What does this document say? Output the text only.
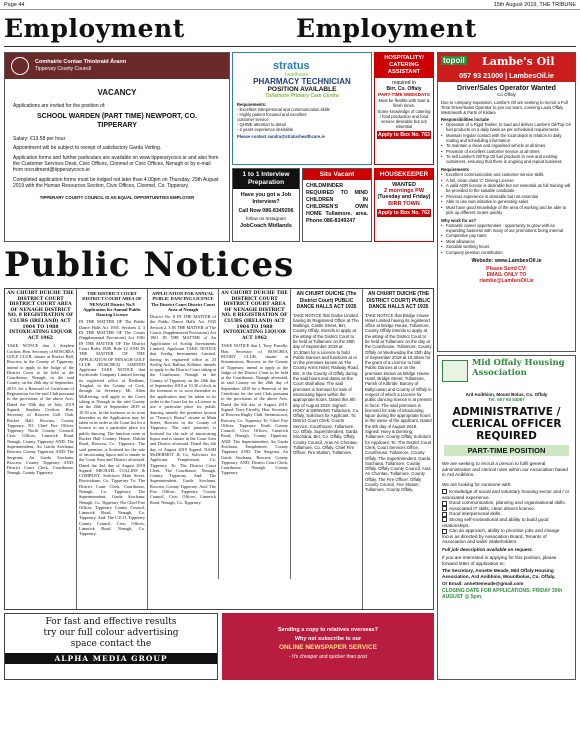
Page 44	15th August 2019, THE TRIBUNE
Employment	Employment
Comhairle Contae Thiobraid Árann
Tipperary County Council
VACANCY
Applications are invited for the position of:
SCHOOL WARDEN (PART TIME) NEWPORT, CO. TIPPERARY
Salary: €13.58 per hour
Appointment will be subject to receipt of satisfactory Garda Vetting.
Application forms and further particulars are available on www.tipperarycoco.ie and also from the Customer Services Desk, Civic Offices, Clonmel or Civic Offices, Nenagh or by e-mail from recruitment@tipperarycoco.ie
Completed application forms must be lodged not later than 4.00pm on Thursday, 29th August 2019 with the Human Resources Section, Civic Offices, Clonmel, Co. Tipperary.
TIPPERARY COUNTY COUNCIL IS AN EQUAL OPPORTUNITIES EMPLOYER
stratus
healthcare
PHARMACY TECHNICIAN
POSITION AVAILABLE
Tullamore Primary Care Centre
Requirements:
- Excellent interpersonal and communication skills
- Highly patient focused and excellent
customer service
- QHWE attention to detail
- 2 years experience desirable
Please contact sandra@stratushealthcare.ie
HOSPITALITY/ CATERING ASSISTANT
required in
Birr, Co. Offaly
PART-TIME WEEKDAYS
Must be flexible with start & finish times.
Some knowledge of catering / food production and food service desirable but not essential
Apply to Box No. 763
1 to 1 Interview Preparation
Have you got a Job Interview?
Call Now 086-8349206
follow on Instagram
JobCoach Midlands
Sits Vacant
CHILDMINDER REQUIRED TO MIND CHILDREN IN CHILDREN'S OWN HOME Tullamore. area. Phone:086-8349247
HOUSEKEEPER
WANTED
2 mornings PW
(Tuesday and Friday)
BIRR TOWN
Apply to Box No. 762
topoil Lambe's Oil
057 93 21000 | LambesOil.ie
Driver/Sales Operator Wanted
Co Offaly
Due to company expansion, Lambe's Oil are seeking to recruit a Full Time Driver/Sales Operator to join our team, covering Laois Offaly Westmeath & Parts of Kildare
Responsibilities include
• Operation of a Rigid Tanker, to load and deliver Lambe's Oil/Top Oil fuel products on a daily basis as per scheduled requirements
• Maintain regular contact with the local depot in relation to daily routing and scheduling information
• To maintain a clean and organised vehicle at all times
• Provision of excellent customer service at all times
• To sell Lambe's Oil/Top Oil fuel products to new and existing customers, ensuring that there is ongoing and repeat business
Requirements
• Excellent communication and customer service skills
• A full, clean class 'C' Driving License
• A valid ADR license is desirable but not essential as full training will be provided to the suitable candidate
• Previous experience is desirable but not essential
• Able to use own initiative in generating sales
• Must have good knowledge of the area of working and be able to pick up different routes quickly
Why work for us?
• Fantastic career opportunities - opportunity to grow with an expanding business with many of our promotions being internal
• Competitive pay rates
• Meal allowance
• Sociable working hours
• Company pension contribution
Website: www.LambesOil.ie
Please Send CV:
EMAIL ONLY TO
rlambe@LambesOil.ie
Public Notices
AN CHÚIRT DÚICHE THE DISTRICT COURT DISTRICT COURT AREA OF NENAGH DISTRICT NO. 8 REGISTRATION OF CLUBS (IRELAND) ACT 1904 TO 1988 INTOXICATING LIQUOR ACT 1962
TAKE NOTICE that I, Stephen Crofton, Hon. Secretary of ROSCREA GOLF CLUB, situate at Racket Hall, Roscrea, in the County of Tipperary, intend to apply to the Judge of the District Court to be held at the Courthouse, Nenagh, in the said County, on the 26th day of September, 2019, for a Renewal of Certificate of Registration for the said Club pursuant to the provisions of the above Acts. Dated the 30th day of July, 2019 Signed: Stephen Crofton, Hon. Secretary of Roscrea Golf Club, Racket Hall, Roscrea, County Tipperary. TO: Chief Fire Officer, Tipperary North County Council, Civic Offices, Limerick Road, Nenagh, County Tipperary AND: The Superintendent, An Garda Siochana, Roscrea, County Tipperary AND: The Sergeant, An Garda Siochana, Roscrea, County Tipperary AND: District Court Clerk, Courthouse, Nenagh, County Tipperary
THE DISTRICT COURT DISTRICT COURT AREA OF NENAGH District No.8 Application for Annual Public Dancing Licence
IN THE MATTER OF The Public Dance Halls Act 1935, Sections 2, 3 IN THE MATTER OF The Courts (Supplemental Provisions) Act 1961 IN THE MATTER OF The District Court Rules 1948, Rule 12 AND IN THE MATTER OF THE APPLICATION OF NENAGH GOLF CLUB (ROSCREA) LIMITED Applicant TAKE NOTICE that Swiftcastle Company Limited having its registered office at Redlians, Toughal, in the County of Cork, through its Secretary, Mr. Allen McKerring, will apply to the Court sitting at Nenagh in the said County on the 26th of September 2019 at 10.30 a.m. in the forenoon or so soon thereafter as the Application may be taken in its order in the Court list for a licence to use a particular place for public dancing. The function room at Racket Hall Country House, Dublin Road, Roscrea, Co. Tipperary. The said premises is licensed for the sale of intoxicating liquor and is situate in the Court Area and District aforesaid. Dated the 2nd day of August 2019 Signed: MICHAEL COLLINS & COMPANY, Solicitors Main Street, Borrisokane, Co. Tipperary To: The District Court Clerk, Courthouse, Nenagh, Co. Tipperary The Superintendent, Garda Siochana, Nenagh, Co. Tipperary The Chief Fire Officer, Tipperary County Council, Limerick Road, Nenagh, Co. Tipperary. And: The C.E.O. Tipperary County Council, Civic Offices, Limerick Road, Nenagh, Co. Tipperary.
APPLICATION FOR ANNUAL PUBLIC DANCING LICENCE The District Court District Court Area of Nenagh
District No. 8 IN THE MATTER of the Public Dance Halls Act 1935 Section 2, 3 IN THE MATTER of The Courts (Supplemental Provisions) Act 1961 IN THE MATTER of An Application of Sceilig Investments Limited, Applicant TAKE NOTICE that Sceilig Investments Limited, having its registered office at 23 Sceilig Ard, Ballina, Killaloe, intends to apply to the District Court sitting at the Courthouse, Nenagh in the County of Tipperary on the 26th day of September 2019 at 10.30 o'clock in the forenoon or so soon thereafter as the application may be taken in its order in the Court list for a Licence to use a particular place for public dancing namely the premises known as "Treacy's House" situate at Main Street, Roscrea in the County of Tipperary. The said premises is licensed for the sale of intoxicating liquor and is situate in the Court Area and District aforesaid. Dated this 6th day of August 2019 Signed: NASH McDERMOT & Co, Solicitors for Applicant, Templemore, Co. Tipperary. To: The District Court Clerk, The Courthouse, Nenagh, County Tipperary. And: The Superintendent, Garda Siochana, Roscrea, County Tipperary. And: The Fire Officer, Tipperary County Council, Civic Offices, Limerick Road, Nenagh, Co. Tipperary.
AN CHÚIRT DÚICHE THE DISTRICT COURT DISTRICT COURT AREA OF NENAGH DISTRICT NO. 8 REGISTRATION OF CLUBS (IRELAND) ACT 1904 TO 1988 INTOXICATING LIQUOR ACT 1962
TAKE NOTICE that I, Terry Farrelly, Hon. Secretary of ROSCREA RUGBY CLUB, situate at Streamstown, Roscrea, in the County of Tipperary, intend to apply to the Judge of the District Court to be held at the Courthouse, Nenagh aforesaid, in said County on the 26th day of September, 2019 for a Renewal of the Certificate for the said Club pursuant to the provisions of the above Acts. Dated the 6th day of August 2019. Signed: Terry Farrelly, Hon. Secretary of Roscrea Rugby Club, Streamstown, Roscrea, Co. Tipperary To: Chief Fire Officer, Tipperary North County Council, Civic Offices, Limerick Road, Nenagh, County Tipperary. AND: The Superintendent, An Garda Siochana, Templemore, County Tipperary AND: The Sergeant, An Garda Siochana, Roscrea, County Tipperary. AND: District Court Clerk, Courthouse, Nenagh, County Tipperary
AN CHUIRT DUICHE (The District Court) PUBLIC DANCE HALLS ACT 1935
TAKE NOTICE that Garbe Limited having its Registered Office at The Maltings, Castle Street, Birr, County Offaly, intends to apply at the sitting of the District Court to be held at Tullamore on the 25th day of September 2019 at 10.30am for a Licence to hold Public Dances and functions at or on the premises known as The County Arms Hotel, Railway Road, Birr, in the County of Offaly during the said hours and dates as the Court shall allow. The said premises is licensed for sale of intoxicating liquor within the appropriate hours. Dated this 8th day of August 2019. Signed: HOEY & DENNING Tullamore, Co. Offaly, Solicitors for Applicant. To: District Court Clerk, Courts Service, Courthouse, Tullamore, Co. Offaly. Superintendent, Garda Síochána, Birr, Co. Offaly. Offaly County Council, Aras An Chontae, Tullamore, Co. Offaly. Chief Fire Officer, Fire Station, Tullamore.
AN CHUIRT DUICHE (THE DISTRICT COURT) PUBLIC DANCE HALLS ACT 1935
TAKE NOTICE that Bridge House Hotel Limited having its registered office at Bridge House, Tullamore, County Offaly intends to apply at the sitting of the District Court to be held at Tullamore on the day at the Courthouse, Tullamore, County Offaly on Wednesday the 25th day of September 2019 at 10.30am for the grant of a Licence to hold Public Dances at or on the premises known as Bridge House Hotel, Bridge Street, Tullamore, Parish of Kilbride, Barony of Ballycowan and County of Offaly in respect of which a Licence for public dancing licence is at present in force. The said premises is licensed for sale of intoxicating liquor during the appropriate hours in the name of the applicant. Dated the 6th day of August 2019. Signed: Hoey & Denning, Tullamore, County Offaly Solicitors for Applicant. To: The District Court Clerk, Court Services Office, Courthouse, Tullamore, County Offaly. The Superintendent, Garda Siochana, Tullamore, County Offaly. Offaly County Council, Aras An Chontae, Tullamore, County Offaly. The Fire Officer, Offaly County Council, Fire Station, Tullamore, County Offaly.
Mid Offaly Housing Association
Ard Aoibhinn, Mount Bolus, Co. Offaly
Tel: 057 93 54067
ADMINISTRATIVE / CLERICAL OFFICER REQUIRED
PART-TIME POSITION
We are seeking to recruit a person to fulfil general administrative and clerical roles within our Association based in Ard Aoibhinn.
We are looking for someone with:
Knowledge of social and voluntary housing sector and / or associated experience.
Good communication, planning and organisational skills.
Associated IT skills, clean drivers licence.
Good interpersonal skills.
Strong self-motivational and ability to build good relationships.
Can do approach, ability to prioritise jobs and change focus as directed by Association Board, Tenants of Association and wider Stakeholders.
Full job description available on request.
If you are interested in applying for this position, please forward letter of application to:
The Secretary, Annette Meade, Mid Offaly Housing Association, Ard Aoibhinn, Mountbolus, Co. Offaly.
Or Email: annettemeade@gmail.com
CLOSING DATE FOR APPLICATIONS: FRIDAY 30th AUGUST @ 5pm.
For fast and effective results
try our full colour advertising
space contact the
ALPHA MEDIA GROUP
Sending a copy to relatives overseas?
Why not subscribe to our
ONLINE NEWSPAPER SERVICE
- It's cheaper and quicker than post
